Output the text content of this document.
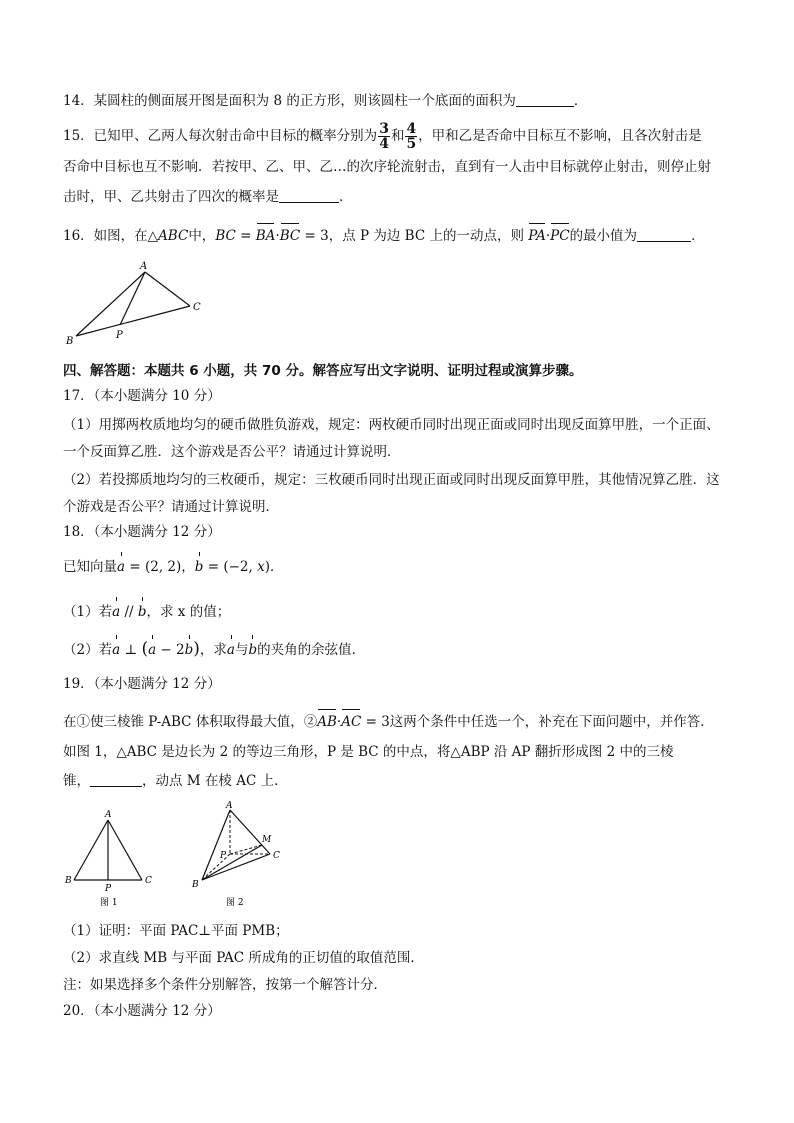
14．某圆柱的侧面展开图是面积为 8 的正方形，则该圆柱一个底面的面积为	．
15．已知甲、乙两人每次射击命中目标的概率分别为 $\frac{3}{4}$ 和 $\frac{4}{5}$ ，甲和乙是否命中目标互不影响，且各次射击是
否命中目标也互不影响．若按甲、乙、甲、乙…的次序轮流射击，直到有一人击中目标就停止射击，则停止射
击时，甲、乙共射击了四次的概率是	．
16．如图，在△ABC中，BC = BA·BC = 3，点 P 为边 BC 上的一动点，则 PA·PC的最小值为	．
A
B
C
P
四、解答题：本题共 6 小题，共 70 分。解答应写出文字说明、证明过程或演算步骤。
17．（本小题满分 10 分）
（1）用掷两枚质地均匀的硬币做胜负游戏，规定：两枚硬币同时出现正面或同时出现反面算甲胜，一个正面、
一个反面算乙胜．这个游戏是否公平？请通过计算说明．
（2）若投掷质地均匀的三枚硬币，规定：三枚硬币同时出现正面或同时出现反面算甲胜，其他情况算乙胜．这
个游戏是否公平？请通过计算说明．
18．（本小题满分 12 分）
已知向量a = (2, 2)，b = (−2, x)．
（1）若a // b，求 x 的值；
（2）若a ⊥ (a − 2b)，求a与b的夹角的余弦值．
19．（本小题满分 12 分）
在①使三棱锥 P-ABC 体积取得最大值，②AB·AC = 3这两个条件中任选一个，补充在下面问题中，并作答．
如图 1，△ABC 是边长为 2 的等边三角形，P 是 BC 的中点，将△ABP 沿 AP 翻折形成图 2 中的三棱
锥，	，动点 M 在棱 AC 上．
A
B	C
P
图 1
A
B
C
P
M
图 2
（1）证明：平面 PAC⊥平面 PMB；
（2）求直线 MB 与平面 PAC 所成角的正切值的取值范围．
注：如果选择多个条件分别解答，按第一个解答计分．
20．（本小题满分 12 分）
